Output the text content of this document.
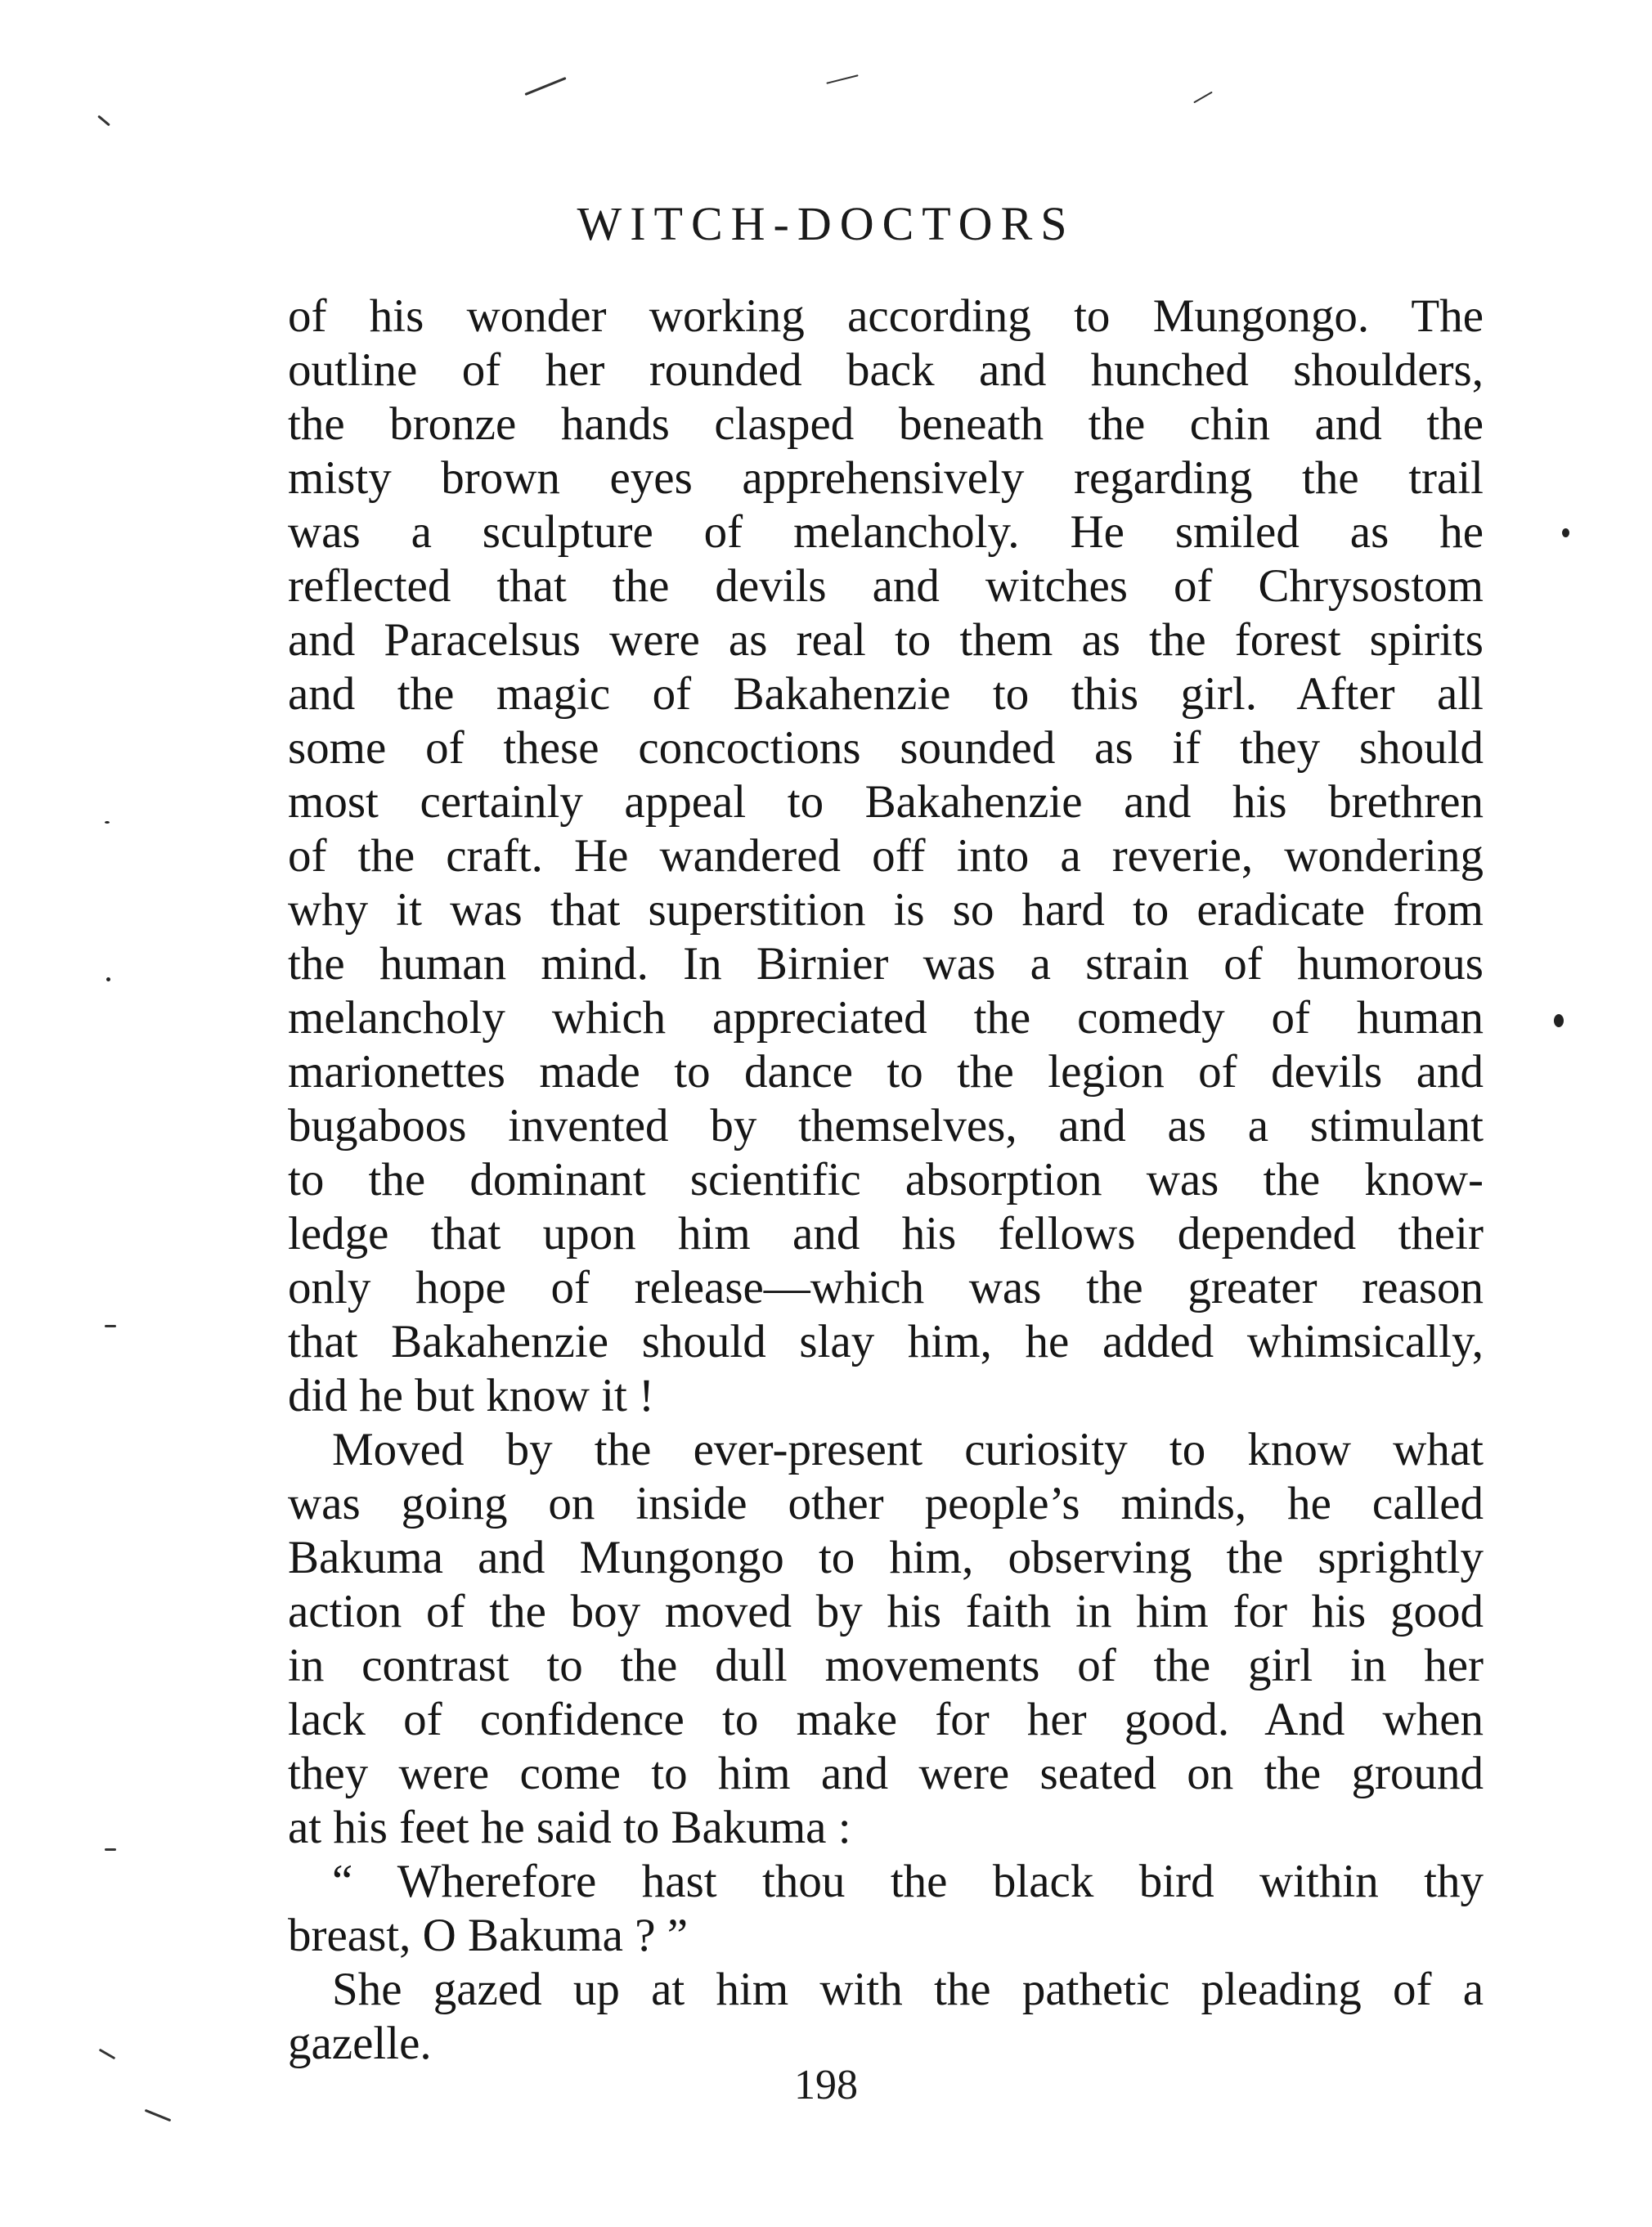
WITCH-DOCTORS
of his wonder working according to Mungongo. The
outline of her rounded back and hunched shoulders,
the bronze hands clasped beneath the chin and the
misty brown eyes apprehensively regarding the trail
was a sculpture of melancholy. He smiled as he
reflected that the devils and witches of Chrysostom
and Paracelsus were as real to them as the forest spirits
and the magic of Bakahenzie to this girl. After all
some of these concoctions sounded as if they should
most certainly appeal to Bakahenzie and his brethren
of the craft. He wandered off into a reverie, wondering
why it was that superstition is so hard to eradicate from
the human mind. In Birnier was a strain of humorous
melancholy which appreciated the comedy of human
marionettes made to dance to the legion of devils and
bugaboos invented by themselves, and as a stimulant
to the dominant scientific absorption was the know-
ledge that upon him and his fellows depended their
only hope of release—which was the greater reason
that Bakahenzie should slay him, he added whimsically,
did he but know it !
Moved by the ever-present curiosity to know what
was going on inside other people’s minds, he called
Bakuma and Mungongo to him, observing the sprightly
action of the boy moved by his faith in him for his good
in contrast to the dull movements of the girl in her
lack of confidence to make for her good. And when
they were come to him and were seated on the ground
at his feet he said to Bakuma :
“ Wherefore hast thou the black bird within thy
breast, O Bakuma ? ”
She gazed up at him with the pathetic pleading of a
gazelle.
198
